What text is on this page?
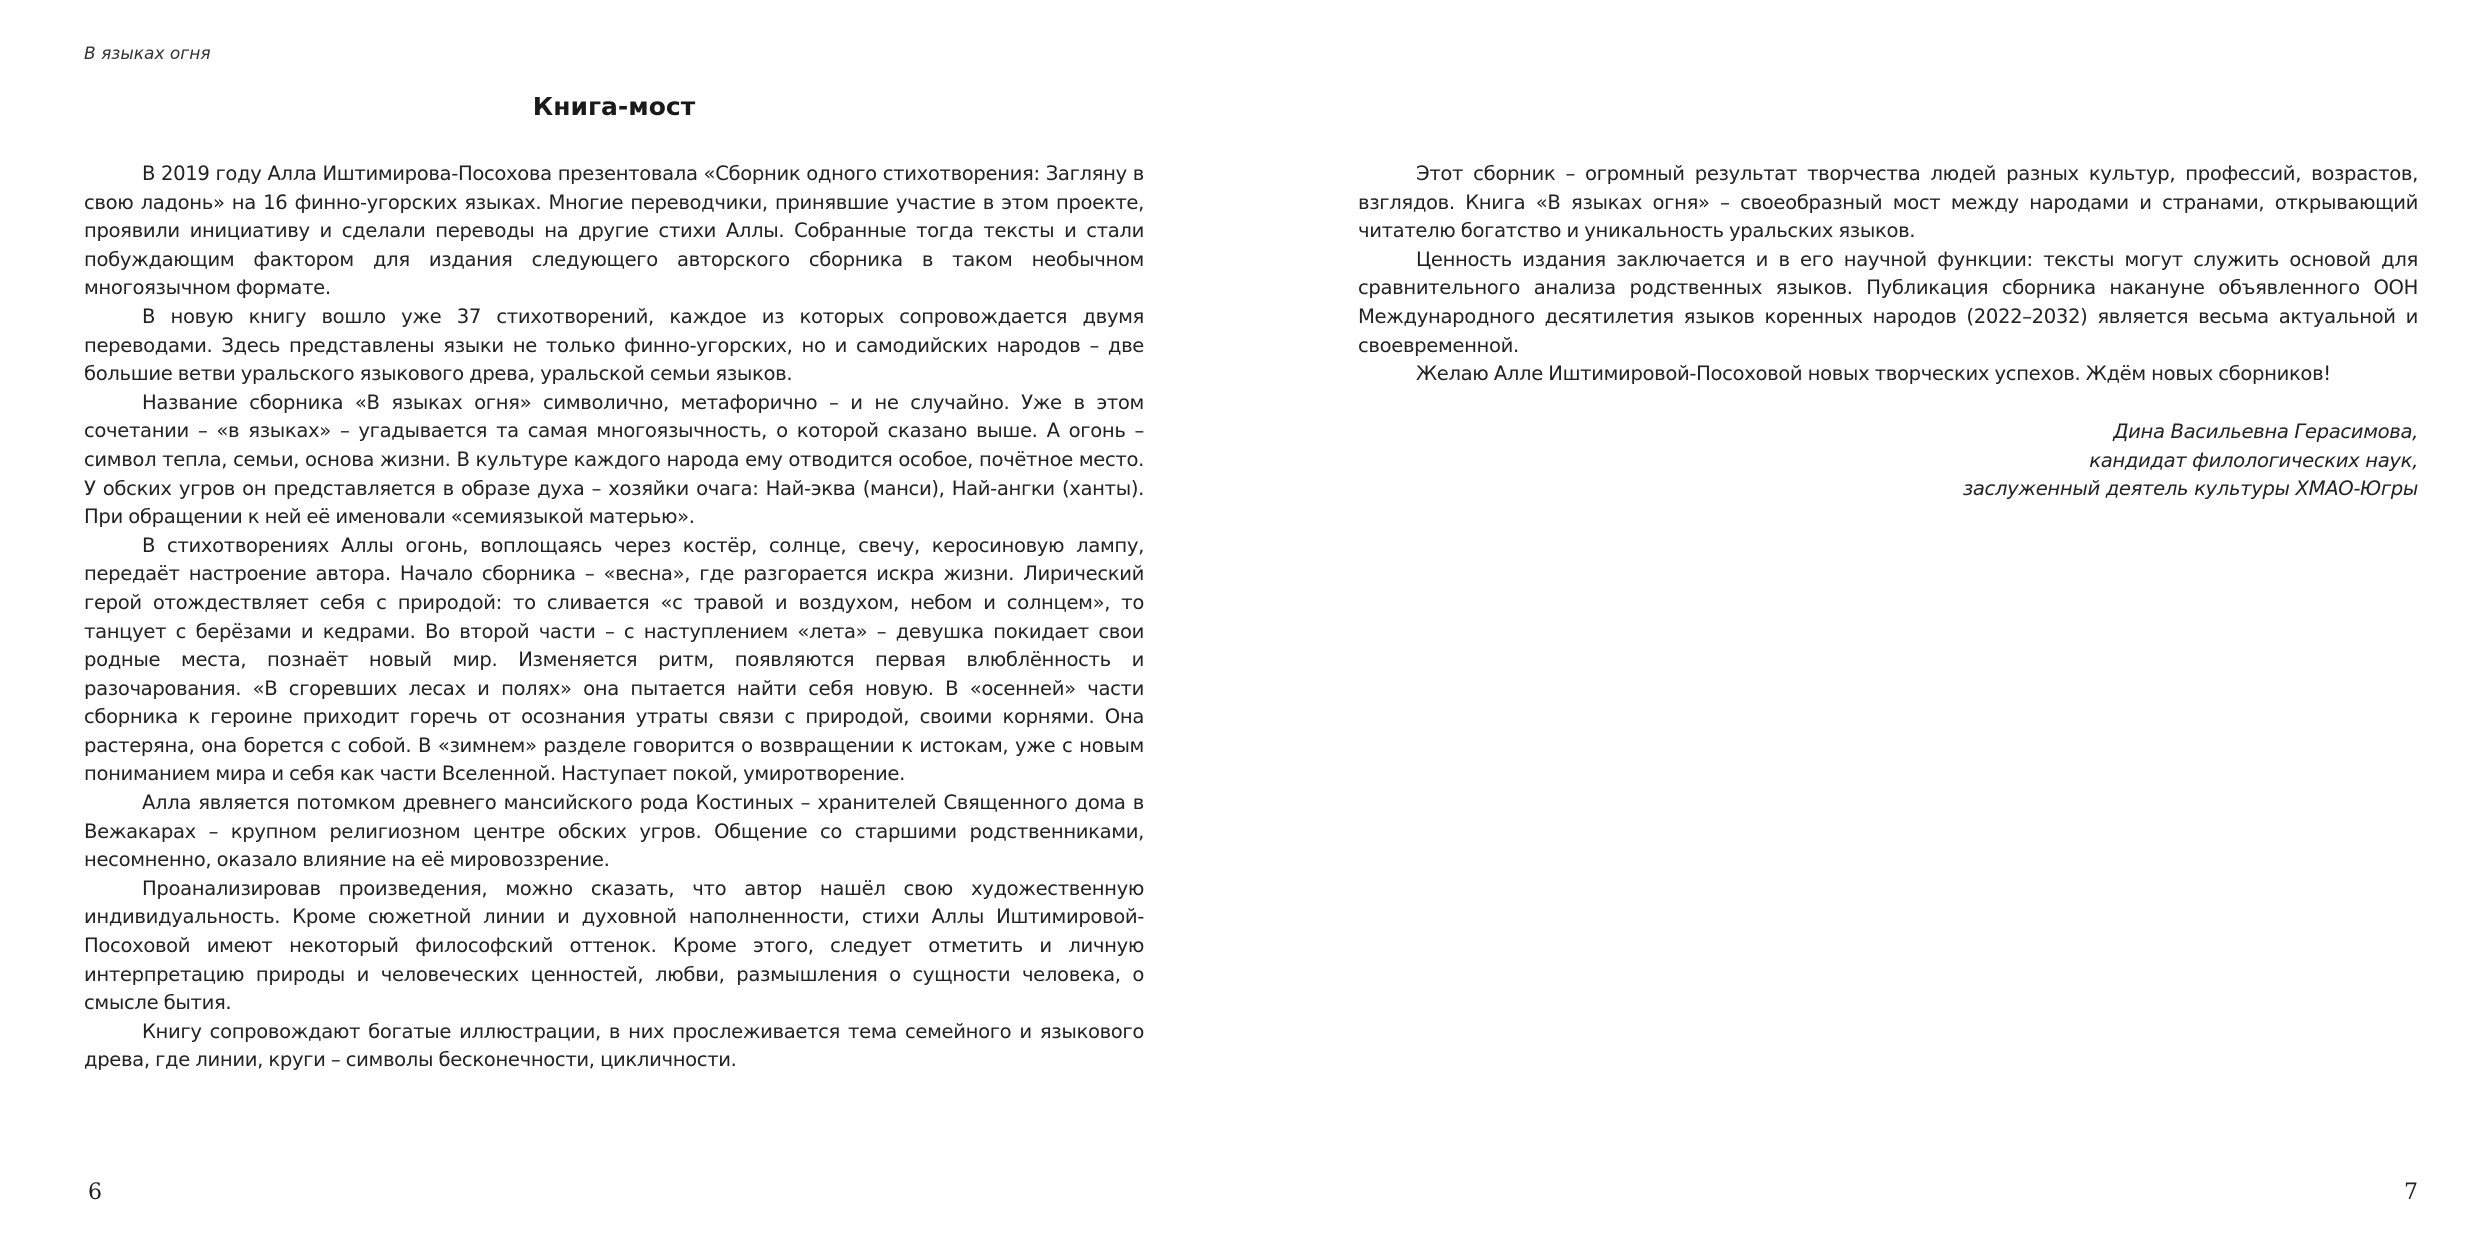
В языках огня
Книга-мост

В 2019 году Алла Иштимирова-Посохова презентовала «Сборник одного стихотворения: Загляну в свою ладонь» на 16 финно-угорских языках. Многие переводчики, принявшие участие в этом проекте, проявили инициативу и сделали переводы на другие стихи Аллы. Собранные тогда тексты и стали побуждающим фактором для издания следующего авторского сборника в таком необычном многоязычном формате.

В новую книгу вошло уже 37 стихотворений, каждое из которых сопровождается двумя переводами. Здесь представлены языки не только финно-угорских, но и самодийских народов – две большие ветви уральского языкового древа, уральской семьи языков.

Название сборника «В языках огня» символично, метафорично – и не случайно. Уже в этом сочетании – «в языках» – угадывается та самая многоязычность, о которой сказано выше. А огонь – символ тепла, семьи, основа жизни. В культуре каждого народа ему отводится особое, почётное место. У обских угров он представляется в образе духа – хозяйки очага: Най-эква (манси), Най-ангки (ханты). При обращении к ней её именовали «семиязыкой матерью».

В стихотворениях Аллы огонь, воплощаясь через костёр, солнце, свечу, керосиновую лампу, передаёт настроение автора. Начало сборника – «весна», где разгорается искра жизни. Лирический герой отождествляет себя с природой: то сливается «с травой и воздухом, небом и солнцем», то танцует с берёзами и кедрами. Во второй части – с наступлением «лета» – девушка покидает свои родные места, познаёт новый мир. Изменяется ритм, появляются первая влюблённость и разочарования. «В сгоревших лесах и полях» она пытается найти себя новую. В «осенней» части сборника к героине приходит горечь от осознания утраты связи с природой, своими корнями. Она растеряна, она борется с собой. В «зимнем» разделе говорится о возвращении к истокам, уже с новым пониманием мира и себя как части Вселенной. Наступает покой, умиротворение.

Алла является потомком древнего мансийского рода Костиных – хранителей Священного дома в Вежакарах – крупном религиозном центре обских угров. Общение со старшими родственниками, несомненно, оказало влияние на её мировоззрение.

Проанализировав произведения, можно сказать, что автор нашёл свою художественную индивидуальность. Кроме сюжетной линии и духовной наполненности, стихи Аллы Иштимировой-Посоховой имеют некоторый философский оттенок. Кроме этого, следует отметить и личную интерпретацию природы и человеческих ценностей, любви, размышления о сущности человека, о смысле бытия.

Книгу сопровождают богатые иллюстрации, в них прослеживается тема семейного и языкового древа, где линии, круги – символы бесконечности, цикличности.

6

Этот сборник – огромный результат творчества людей разных культур, профессий, возрастов, взглядов. Книга «В языках огня» – своеобразный мост между народами и странами, открывающий читателю богатство и уникальность уральских языков.

Ценность издания заключается и в его научной функции: тексты могут служить основой для сравнительного анализа родственных языков. Публикация сборника накануне объявленного ООН Международного десятилетия языков коренных народов (2022–2032) является весьма актуальной и своевременной.

Желаю Алле Иштимировой-Посоховой новых творческих успехов. Ждём новых сборников!

Дина Васильевна Герасимова,
кандидат филологических наук,
заслуженный деятель культуры ХМАО-Югры
7
